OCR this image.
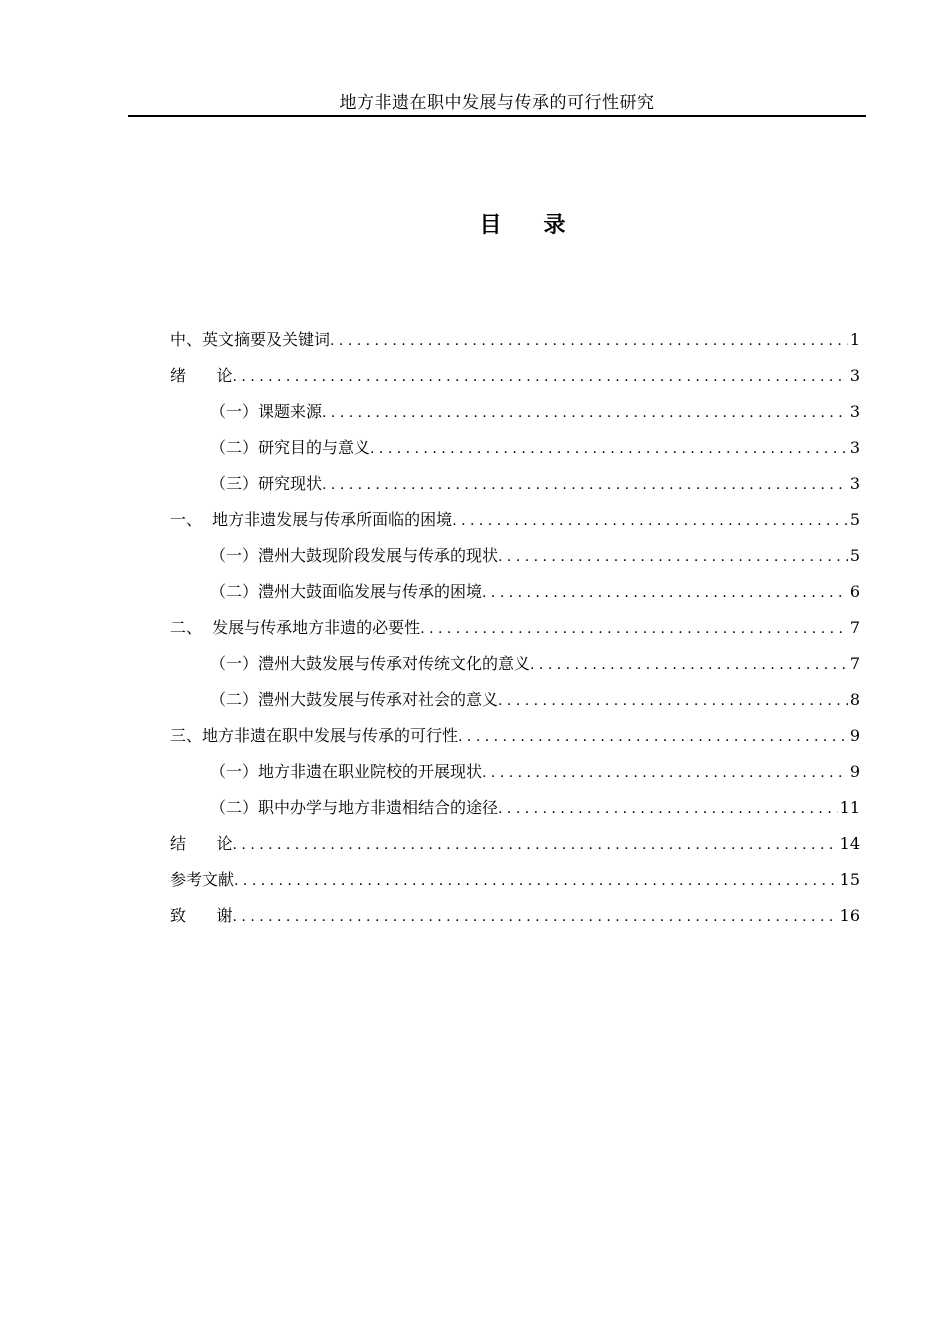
地方非遗在职中发展与传承的可行性研究
目 录
中、英文摘要及关键词 . . .	1
绪      论 . . .	3
（一）课题来源 . . .	3
（二）研究目的与意义 . . .	3
（三）研究现状 . . .	3
一、  地方非遗发展与传承所面临的困境 . . .	5
（一）澧州大鼓现阶段发展与传承的现状 . . .	5
（二）澧州大鼓面临发展与传承的困境 . . .	6
二、  发展与传承地方非遗的必要性 . . .	7
（一）澧州大鼓发展与传承对传统文化的意义 . . .	7
（二）澧州大鼓发展与传承对社会的意义 . . .	8
三、地方非遗在职中发展与传承的可行性 . . .	9
（一）地方非遗在职业院校的开展现状 . . .	9
（二）职中办学与地方非遗相结合的途径 . . .	11
结      论 . . .	14
参考文献 . . .	15
致      谢 . . .	16
